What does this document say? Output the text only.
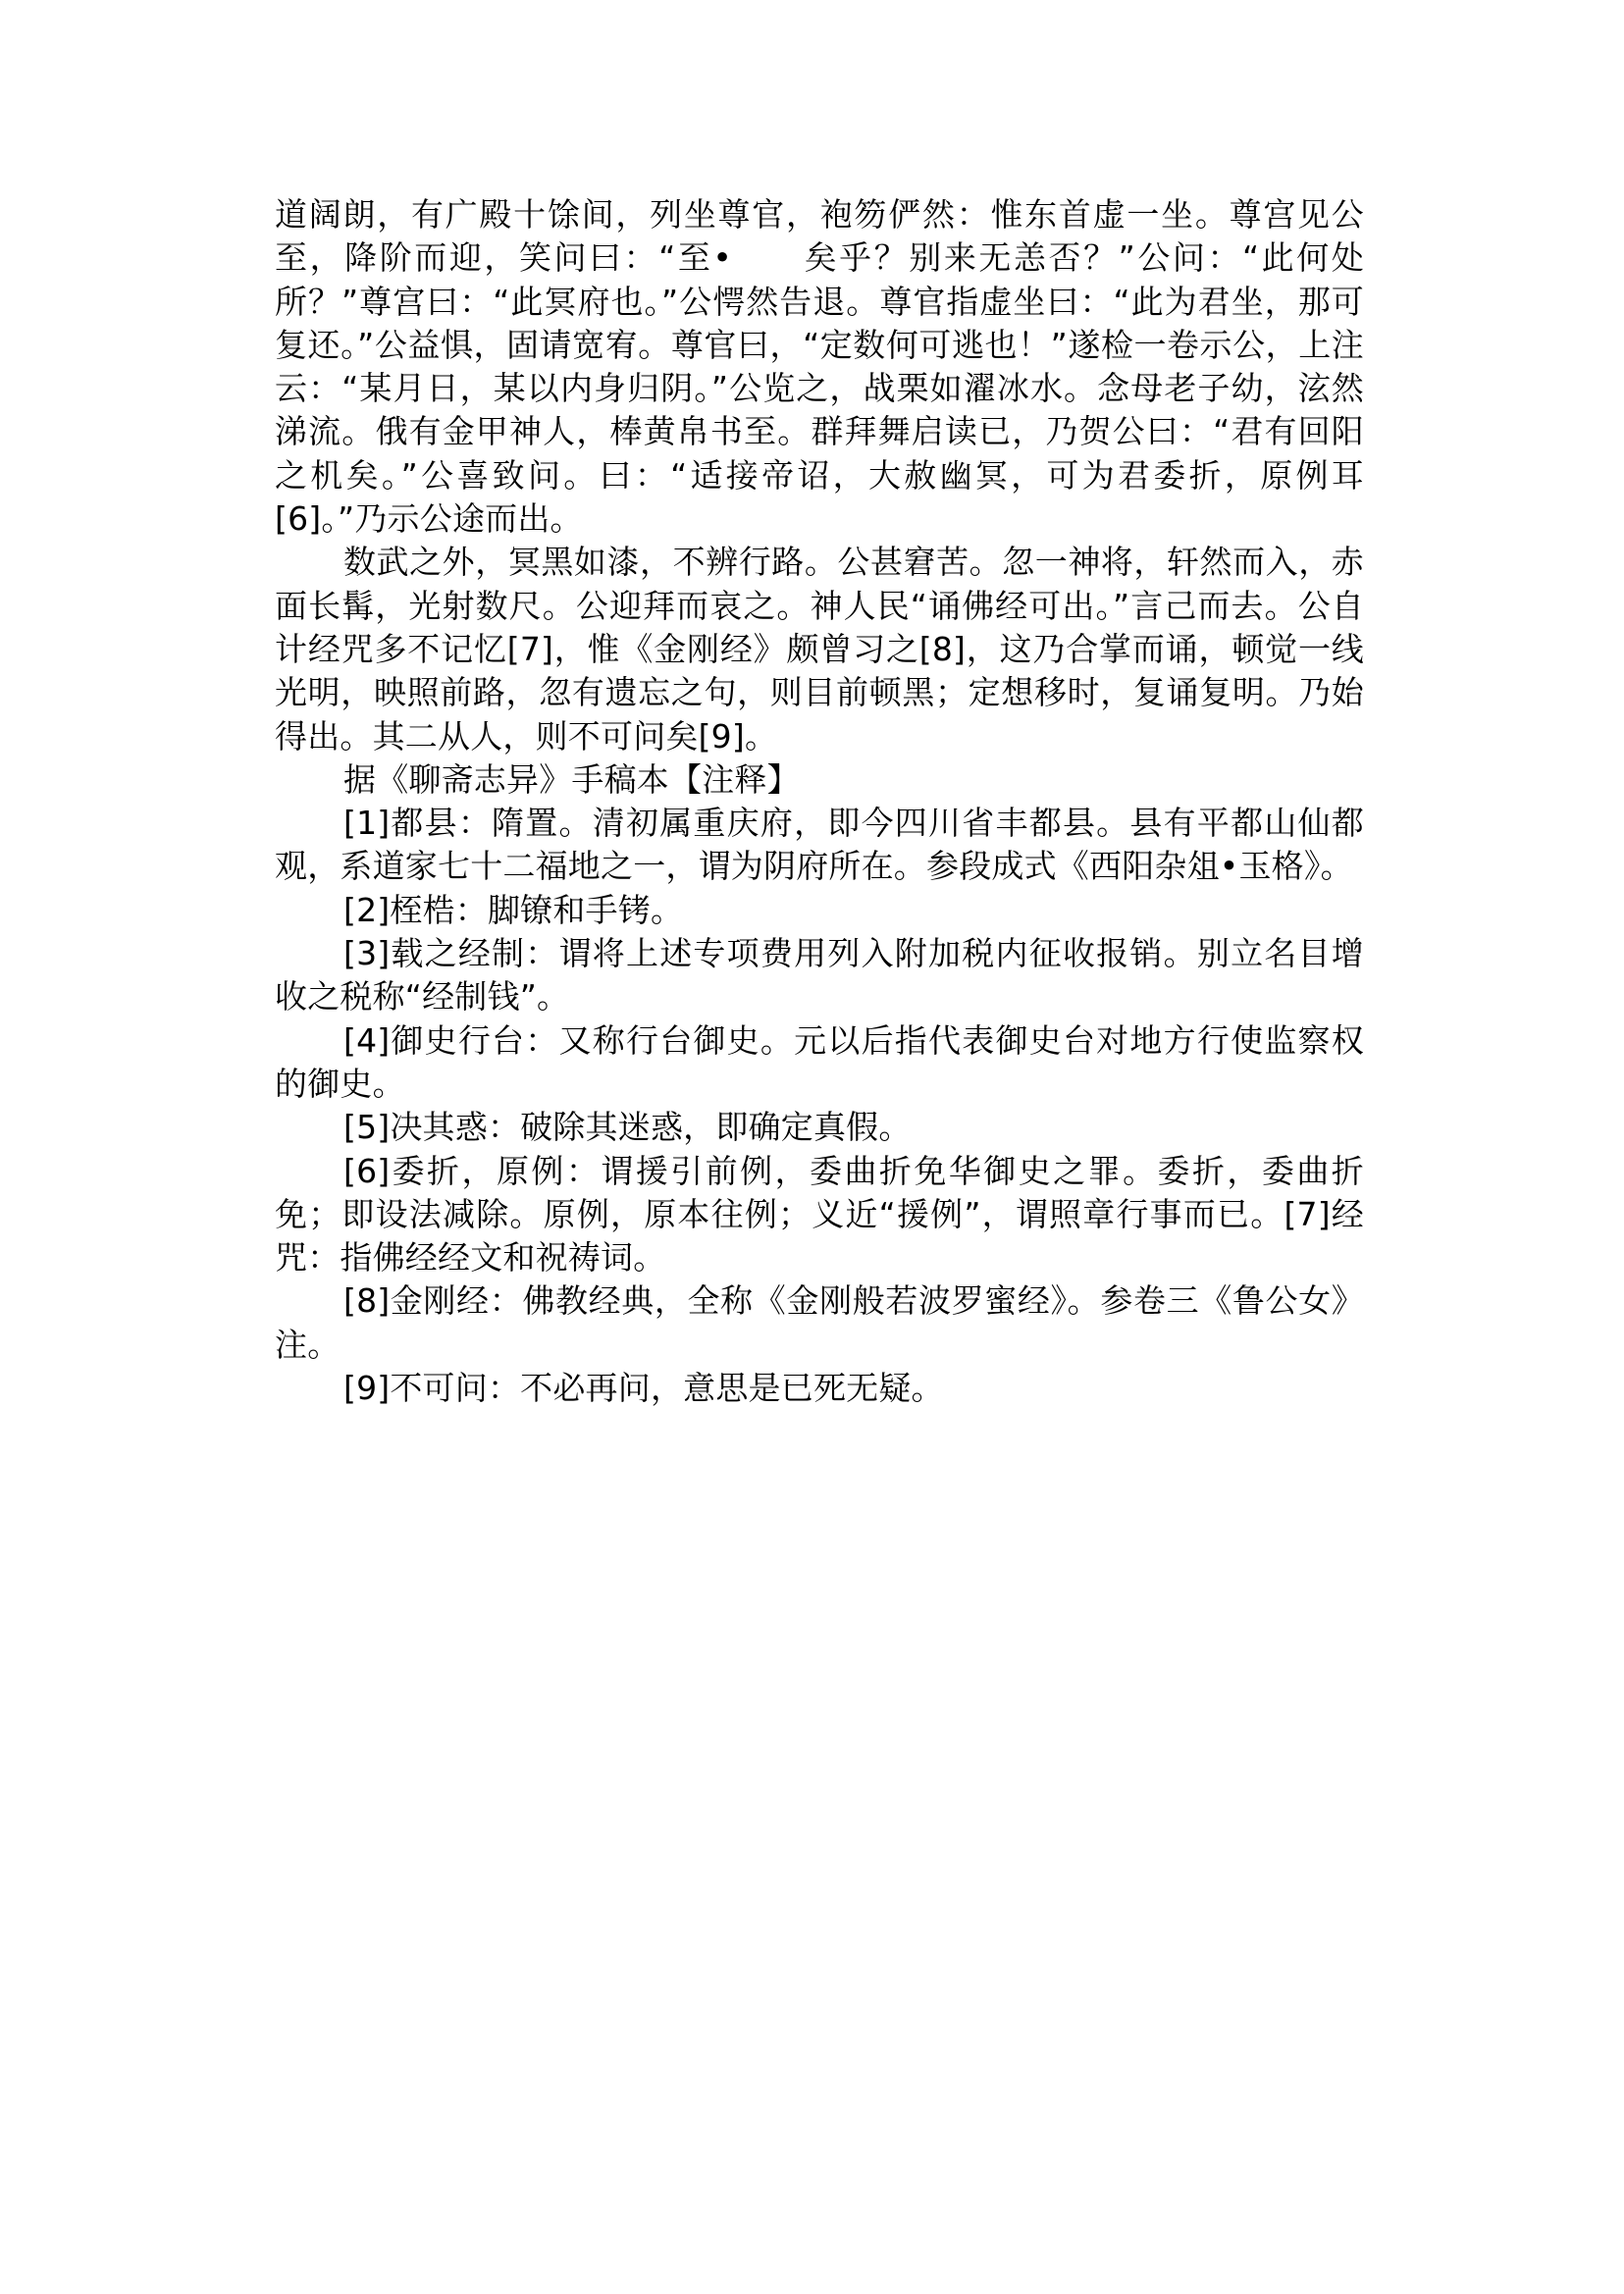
道阔朗，有广殿十馀间，列坐尊官，袍笏俨然：惟东首虚一坐。尊宫见公至，降阶而迎，笑问曰：“至•　　矣乎？别来无恙否？”公问：“此何处所？”尊宫曰：“此冥府也。”公愕然告退。尊官指虚坐曰：“此为君坐，那可复还。”公益惧，固请宽宥。尊官曰，“定数何可逃也！”遂检一卷示公，上注云：“某月日，某以内身归阴。”公览之，战栗如濯冰水。念母老子幼，泫然涕流。俄有金甲神人，棒黄帛书至。群拜舞启读已，乃贺公曰：“君有回阳之机矣。”公喜致问。曰：“适接帝诏，大赦幽冥，可为君委折，原例耳[6]。”乃示公途而出。

数武之外，冥黑如漆，不辨行路。公甚窘苦。忽一神将，轩然而入，赤面长髯，光射数尺。公迎拜而哀之。神人民“诵佛经可出。”言己而去。公自计经咒多不记忆[7]，惟《金刚经》颇曾习之[8]，这乃合掌而诵，顿觉一线光明，映照前路，忽有遗忘之句，则目前顿黑；定想移时，复诵复明。乃始得出。其二从人，则不可问矣[9]。

据《聊斋志异》手稿本【注释】

[1]都县：隋置。清初属重庆府，即今四川省丰都县。县有平都山仙都观，系道家七十二福地之一，谓为阴府所在。参段成式《西阳杂俎•玉格》。

[2]桎梏：脚镣和手铐。

[3]载之经制：谓将上述专项费用列入附加税内征收报销。别立名目增收之税称“经制钱”。

[4]御史行台：又称行台御史。元以后指代表御史台对地方行使监察权的御史。

[5]决其惑：破除其迷惑，即确定真假。

[6]委折，原例：谓援引前例，委曲折免华御史之罪。委折，委曲折免；即设法减除。原例，原本往例；义近“援例”，谓照章行事而已。[7]经咒：指佛经经文和祝祷词。

[8]金刚经：佛教经典，全称《金刚般若波罗蜜经》。参卷三《鲁公女》注。

[9]不可问：不必再问，意思是已死无疑。
